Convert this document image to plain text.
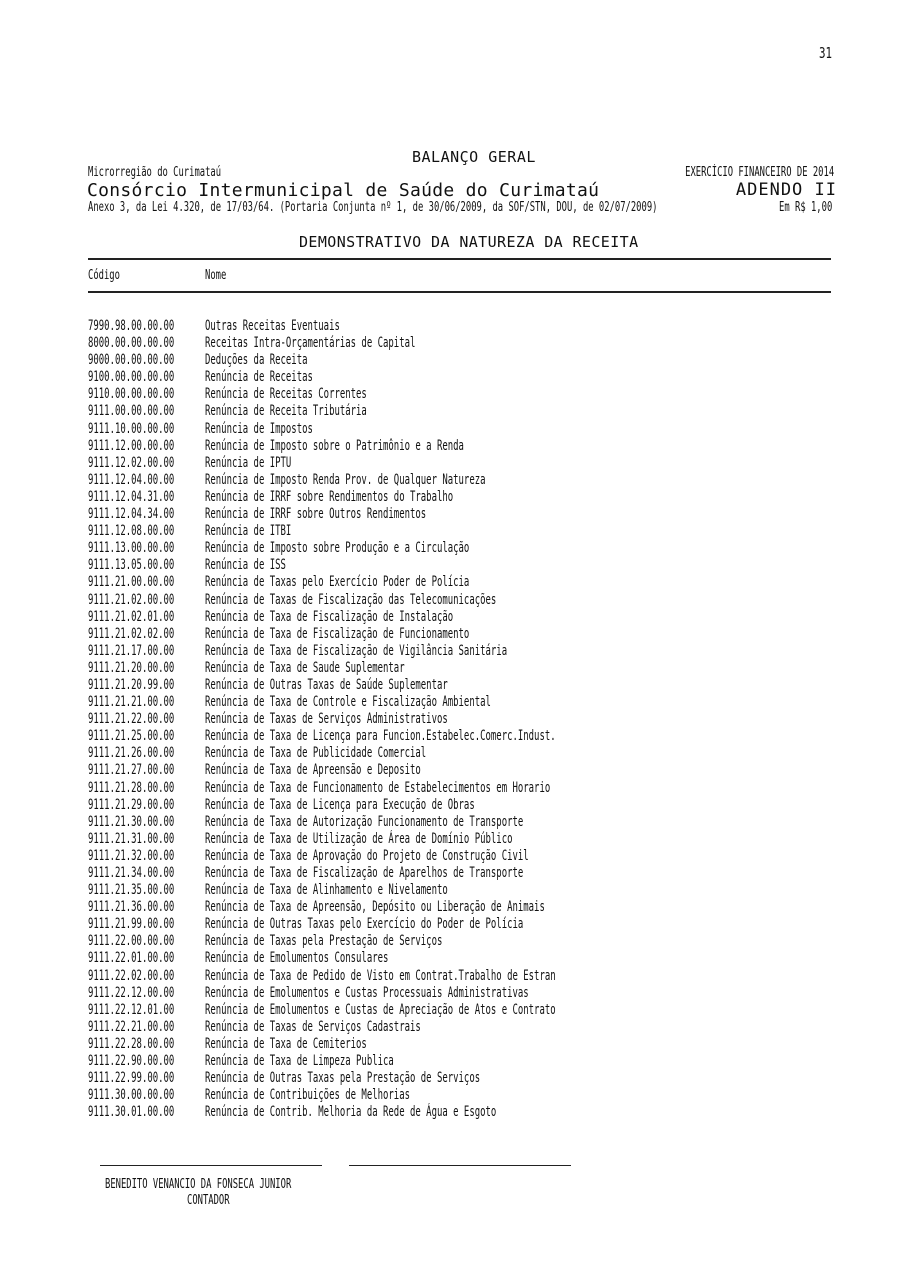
31
BALANÇO GERAL
Microrregião do Curimataú	EXERCÍCIO FINANCEIRO DE 2014
Consórcio Intermunicipal de Saúde do Curimataú	ADENDO II
Anexo 3, da Lei 4.320, de 17/03/64. (Portaria Conjunta nº 1, de 30/06/2009, da SOF/STN, DOU, de 02/07/2009)	Em R$ 1,00
DEMONSTRATIVO DA NATUREZA DA RECEITA
Código	Nome
7990.98.00.00.00 Outras Receitas Eventuais
8000.00.00.00.00 Receitas Intra-Orçamentárias de Capital
9000.00.00.00.00 Deduções da Receita
9100.00.00.00.00 Renúncia de Receitas
9110.00.00.00.00 Renúncia de Receitas Correntes
9111.00.00.00.00 Renúncia de Receita Tributária
9111.10.00.00.00 Renúncia de Impostos
9111.12.00.00.00 Renúncia de Imposto sobre o Patrimônio e a Renda
9111.12.02.00.00 Renúncia de IPTU
9111.12.04.00.00 Renúncia de Imposto Renda Prov. de Qualquer Natureza
9111.12.04.31.00 Renúncia de IRRF sobre Rendimentos do Trabalho
9111.12.04.34.00 Renúncia de IRRF sobre Outros Rendimentos
9111.12.08.00.00 Renúncia de ITBI
9111.13.00.00.00 Renúncia de Imposto sobre Produção e a Circulação
9111.13.05.00.00 Renúncia de ISS
9111.21.00.00.00 Renúncia de Taxas pelo Exercício Poder de Polícia
9111.21.02.00.00 Renúncia de Taxas de Fiscalização das Telecomunicações
9111.21.02.01.00 Renúncia de Taxa de Fiscalização de Instalação
9111.21.02.02.00 Renúncia de Taxa de Fiscalização de Funcionamento
9111.21.17.00.00 Renúncia de Taxa de Fiscalização de Vigilância Sanitária
9111.21.20.00.00 Renúncia de Taxa de Saude Suplementar
9111.21.20.99.00 Renúncia de Outras Taxas de Saúde Suplementar
9111.21.21.00.00 Renúncia de Taxa de Controle e Fiscalização Ambiental
9111.21.22.00.00 Renúncia de Taxas de Serviços Administrativos
9111.21.25.00.00 Renúncia de Taxa de Licença para Funcion.Estabelec.Comerc.Indust.
9111.21.26.00.00 Renúncia de Taxa de Publicidade Comercial
9111.21.27.00.00 Renúncia de Taxa de Apreensão e Deposito
9111.21.28.00.00 Renúncia de Taxa de Funcionamento de Estabelecimentos em Horario
9111.21.29.00.00 Renúncia de Taxa de Licença para Execução de Obras
9111.21.30.00.00 Renúncia de Taxa de Autorização Funcionamento de Transporte
9111.21.31.00.00 Renúncia de Taxa de Utilização de Área de Domínio Público
9111.21.32.00.00 Renúncia de Taxa de Aprovação do Projeto de Construção Civil
9111.21.34.00.00 Renúncia de Taxa de Fiscalização de Aparelhos de Transporte
9111.21.35.00.00 Renúncia de Taxa de Alinhamento e Nivelamento
9111.21.36.00.00 Renúncia de Taxa de Apreensão, Depósito ou Liberação de Animais
9111.21.99.00.00 Renúncia de Outras Taxas pelo Exercício do Poder de Polícia
9111.22.00.00.00 Renúncia de Taxas pela Prestação de Serviços
9111.22.01.00.00 Renúncia de Emolumentos Consulares
9111.22.02.00.00 Renúncia de Taxa de Pedido de Visto em Contrat.Trabalho de Estran
9111.22.12.00.00 Renúncia de Emolumentos e Custas Processuais Administrativas
9111.22.12.01.00 Renúncia de Emolumentos e Custas de Apreciação de Atos e Contrato
9111.22.21.00.00 Renúncia de Taxas de Serviços Cadastrais
9111.22.28.00.00 Renúncia de Taxa de Cemiterios
9111.22.90.00.00 Renúncia de Taxa de Limpeza Publica
9111.22.99.00.00 Renúncia de Outras Taxas pela Prestação de Serviços
9111.30.00.00.00 Renúncia de Contribuições de Melhorias
9111.30.01.00.00 Renúncia de Contrib. Melhoria da Rede de Água e Esgoto
BENEDITO VENANCIO DA FONSECA JUNIOR
CONTADOR
